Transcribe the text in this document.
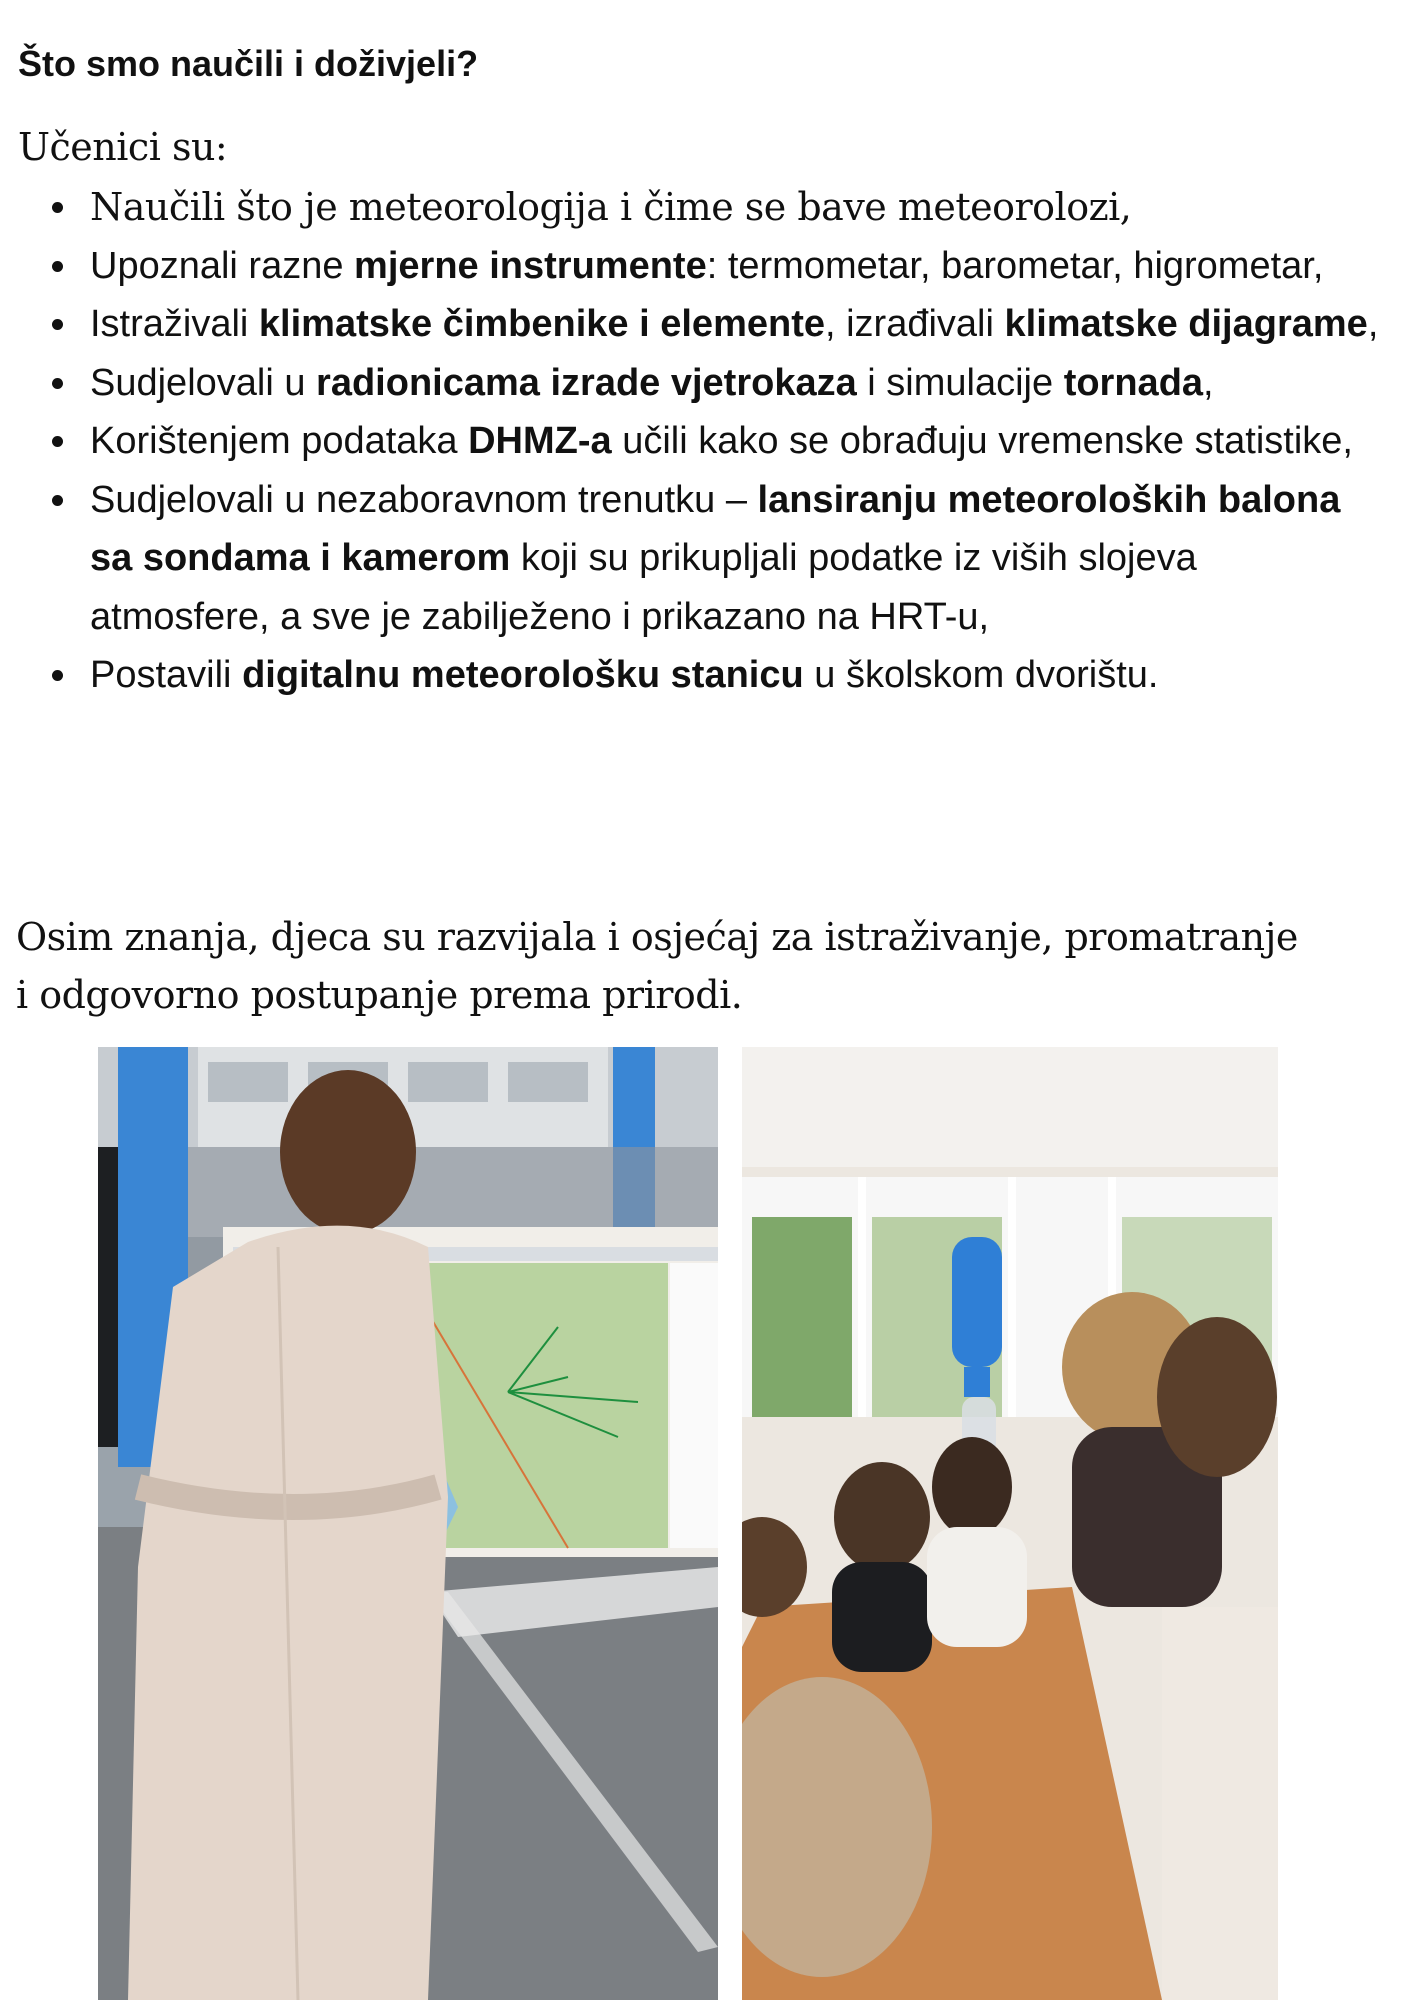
Što smo naučili i doživjeli?

Učenici su:

Naučili što je meteorologija i čime se bave meteorolozi,
Upoznali razne mjerne instrumente: termometar, barometar, higrometar,
Istraživali klimatske čimbenike i elemente, izrađivali klimatske dijagrame,
Sudjelovali u radionicama izrade vjetrokaza i simulacije tornada,
Korištenjem podataka DHMZ-a učili kako se obrađuju vremenske statistike,
Sudjelovali u nezaboravnom trenutku – lansiranju meteoroloških balona sa sondama i kamerom koji su prikupljali podatke iz viših slojeva atmosfere, a sve je zabilježeno i prikazano na HRT-u,
Postavili digitalnu meteorološku stanicu u školskom dvorištu.

Osim znanja, djeca su razvijala i osjećaj za istraživanje, promatranje i odgovorno postupanje prema prirodi.
